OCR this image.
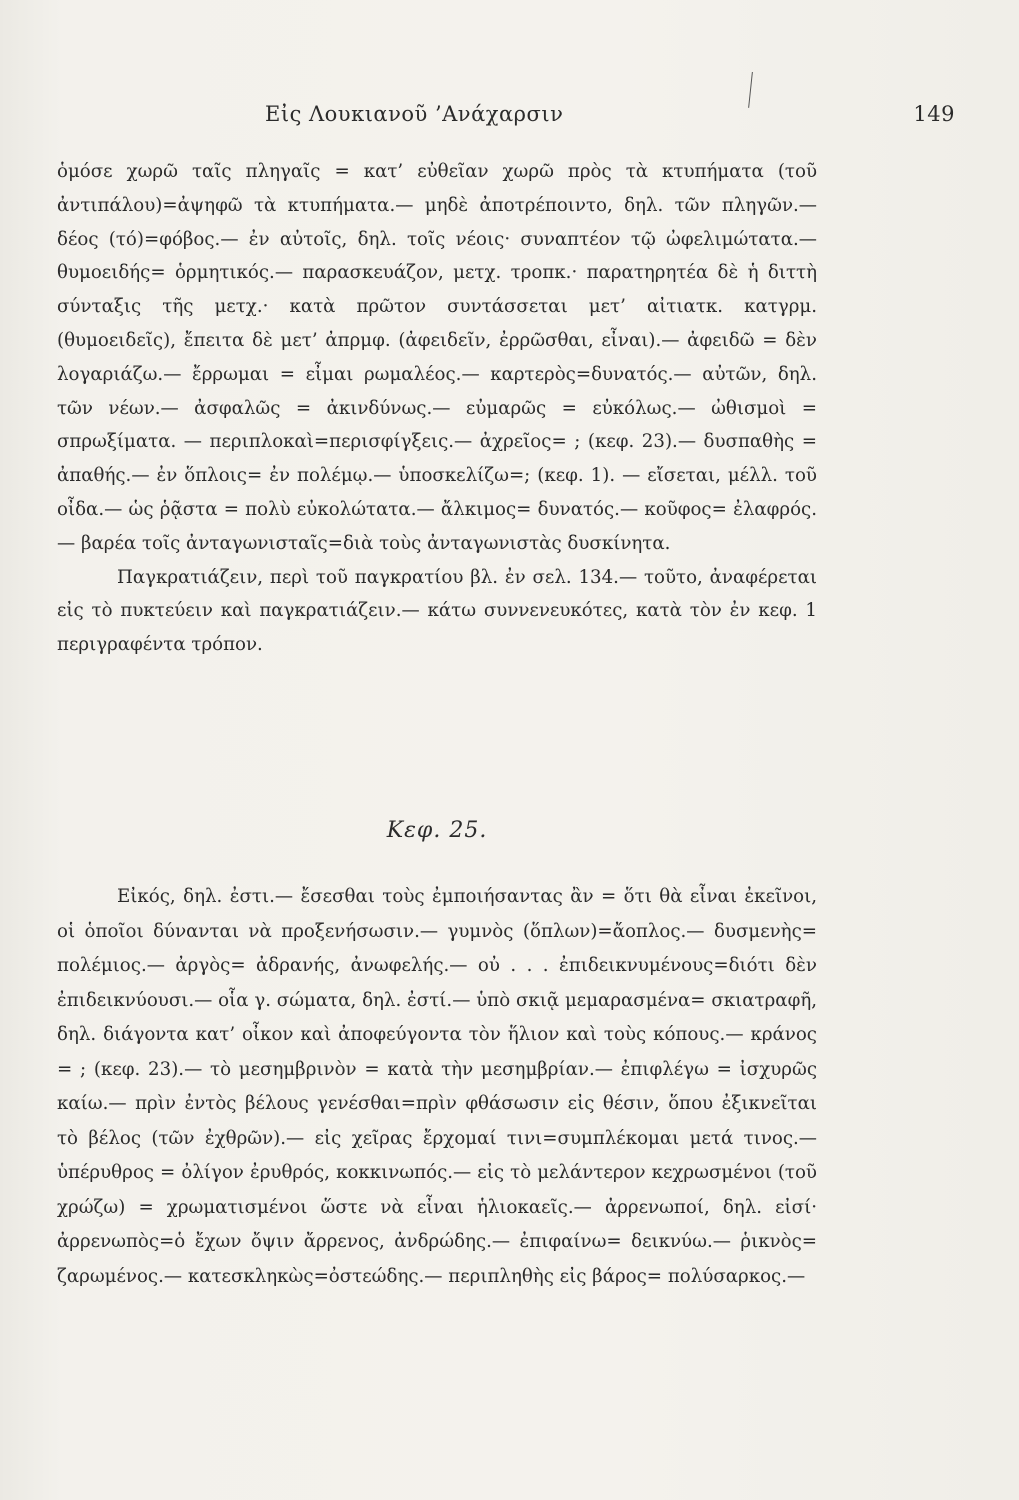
Εἰς Λουκιανοῦ ’Ανάχαρσιν	149

ὁμόσε χωρῶ ταῖς πληγαῖς = κατ’ εὐθεῖαν χωρῶ πρὸς τὰ κτυπήματα (τοῦ ἀντιπάλου)=ἀψηφῶ τὰ κτυπήματα.— μηδὲ ἀποτρέποιντο, δηλ. τῶν πληγῶν.— δέος (τό)=φόβος.— ἐν αὐτοῖς, δηλ. τοῖς νέοις· συναπτέον τῷ ὠφελιμώτατα.— θυμοειδής= ὁρμητικός.— παρασκευάζον, μετχ. τροπκ.· παρατηρητέα δὲ ἡ διττὴ σύνταξις τῆς μετχ.· κατὰ πρῶτον συντάσσεται μετ’ αἰτιατκ. κατγρμ. (θυμοειδεῖς), ἔπειτα δὲ μετ’ ἀπρμφ. (ἀφειδεῖν, ἐρρῶσθαι, εἶναι).— ἀφειδῶ = δὲν λογαριάζω.— ἔρρωμαι = εἶμαι ρωμαλέος.— καρτερὸς=δυνατός.— αὐτῶν, δηλ. τῶν νέων.— ἀσφαλῶς = ἀκινδύνως.— εὐμαρῶς = εὐκόλως.— ὠθισμοὶ = σπρωξίματα. — περιπλοκαὶ=περισφίγξεις.— ἀχρεῖος= ; (κεφ. 23).— δυσπαθὴς = ἀπαθής.— ἐν ὅπλοις= ἐν πολέμῳ.— ὑποσκελίζω=; (κεφ. 1). — εἴσεται, μέλλ. τοῦ οἶδα.— ὡς ῥᾷστα = πολὺ εὐκολώτατα.— ἄλκιμος= δυνατός.— κοῦφος= ἐλαφρός.— βαρέα τοῖς ἀνταγωνισταῖς=διὰ τοὺς ἀνταγωνιστὰς δυσκίνητα.

Παγκρατιάζειν, περὶ τοῦ παγκρατίου βλ. ἐν σελ. 134.— τοῦτο, ἀναφέρεται εἰς τὸ πυκτεύειν καὶ παγκρατιάζειν.— κάτω συννενευκότες, κατὰ τὸν ἐν κεφ. 1 περιγραφέντα τρόπον.

Κεφ. 25.

Εἰκός, δηλ. ἐστι.— ἔσεσθαι τοὺς ἐμποιήσαντας ἂν = ὅτι θὰ εἶναι ἐκεῖνοι, οἱ ὁποῖοι δύνανται νὰ προξενήσωσιν.— γυμνὸς (ὅπλων)=ἄοπλος.— δυσμενὴς= πολέμιος.— ἀργὸς= ἀδρανής, ἀνωφελής.— οὐ . . . ἐπιδεικνυμένους=διότι δὲν ἐπιδεικνύουσι.— οἷα γ. σώματα, δηλ. ἐστί.— ὑπὸ σκιᾷ μεμαρασμένα= σκιατραφῆ, δηλ. διάγοντα κατ’ οἶκον καὶ ἀποφεύγοντα τὸν ἥλιον καὶ τοὺς κόπους.— κράνος = ; (κεφ. 23).— τὸ μεσημβρινὸν = κατὰ τὴν μεσημβρίαν.— ἐπιφλέγω = ἰσχυρῶς καίω.— πρὶν ἐντὸς βέλους γενέσθαι=πρὶν φθάσωσιν εἰς θέσιν, ὅπου ἐξικνεῖται τὸ βέλος (τῶν ἐχθρῶν).— εἰς χεῖρας ἔρχομαί τινι=συμπλέκομαι μετά τινος.— ὑπέρυθρος = ὀλίγον ἐρυθρός, κοκκινωπός.— εἰς τὸ μελάντερον κεχρωσμένοι (τοῦ χρώζω) = χρωματισμένοι ὥστε νὰ εἶναι ἡλιοκαεῖς.— ἀρρενωποί, δηλ. εἰσί· ἀρρενωπὸς=ὁ ἔχων ὄψιν ἄρρενος, ἀνδρώδης.— ἐπιφαίνω= δεικνύω.— ῥικνὸς= ζαρωμένος.— κατεσκληκὼς=ὀστεώδης.— περιπληθὴς εἰς βάρος= πολύσαρκος.—
